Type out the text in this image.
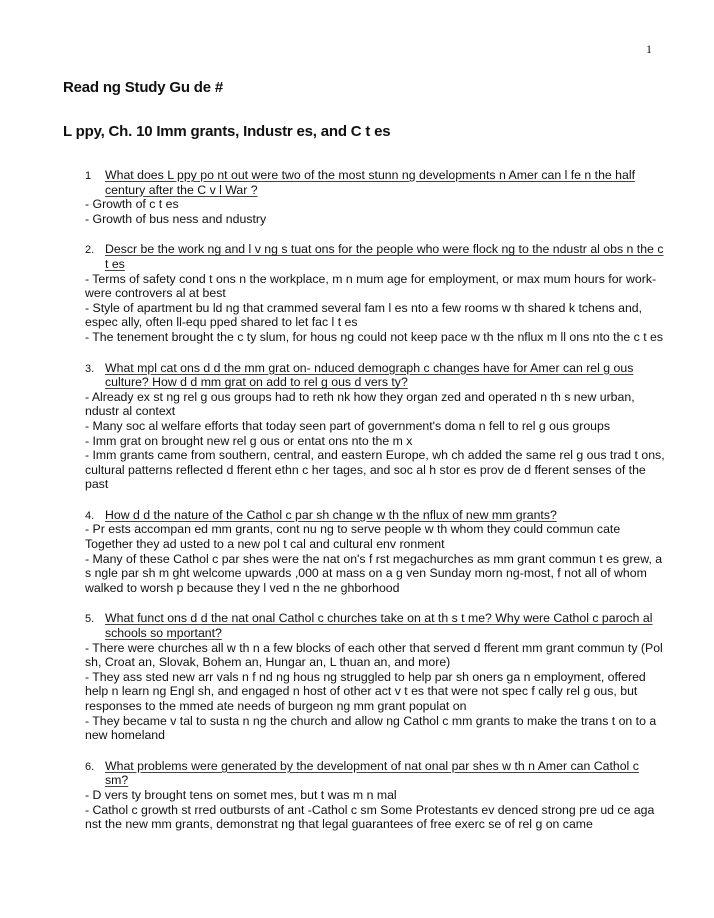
1
Read ng Study Gu de #
L ppy, Ch. 10 Imm grants, Industr es, and C t es
1 What does L ppy po nt out were two of the most stunn ng developments n Amer can l fe n the half century after the C v l War ?
- Growth of c t es
- Growth of bus ness and ndustry
2. Descr be the work ng and l v ng s tuat ons for the people who were flock ng to the ndustr al obs n the c t es
- Terms of safety cond t ons n the workplace, m n mum age for employment, or max mum hours for work-were controvers al at best
- Style of apartment bu ld ng that crammed several fam l es nto a few rooms w th shared k tchens and, espec ally, often ll-equ pped shared to let fac l t es
- The tenement brought the c ty slum, for hous ng could not keep pace w th the nflux m ll ons nto the c t es
3. What mpl cat ons d d the mm grat on- nduced demograph c changes have for Amer can rel g ous culture? How d d mm grat on add to rel g ous d vers ty?
- Already ex st ng rel g ous groups had to reth nk how they organ zed and operated n th s new urban, ndustr al context
- Many soc al welfare efforts that today seen part of government's doma n fell to rel g ous groups
- Imm grat on brought new rel g ous or entat ons nto the m x
- Imm grants came from southern, central, and eastern Europe, wh ch added the same rel g ous trad t ons, cultural patterns reflected d fferent ethn c her tages, and soc al h stor es prov de d fferent senses of the past
4. How d d the nature of the Cathol c par sh change w th the nflux of new mm grants?
- Pr ests accompan ed mm grants, cont nu ng to serve people w th whom they could commun cate Together they ad usted to a new pol t cal and cultural env ronment
- Many of these Cathol c par shes were the nat on's f rst megachurches as mm grant commun t es grew, a s ngle par sh m ght welcome upwards ,000 at mass on a g ven Sunday morn ng-most, f not all of whom walked to worsh p because they l ved n the ne ghborhood
5. What funct ons d d the nat onal Cathol c churches take on at th s t me? Why were Cathol c paroch al schools so mportant?
- There were churches all w th n a few blocks of each other that served d fferent mm grant commun ty (Pol sh, Croat an, Slovak, Bohem an, Hungar an, L thuan an, and more)
- They ass sted new arr vals n f nd ng hous ng struggled to help par sh oners ga n employment, offered help n learn ng Engl sh, and engaged n host of other act v t es that were not spec f cally rel g ous, but responses to the mmed ate needs of burgeon ng mm grant populat on
- They became v tal to susta n ng the church and allow ng Cathol c mm grants to make the trans t on to a new homeland
6. What problems were generated by the development of nat onal par shes w th n Amer can Cathol c sm?
- D vers ty brought tens on somet mes, but t was m n mal
- Cathol c growth st rred outbursts of ant -Cathol c sm Some Protestants ev denced strong pre ud ce aga nst the new mm grants, demonstrat ng that legal guarantees of free exerc se of rel g on came
